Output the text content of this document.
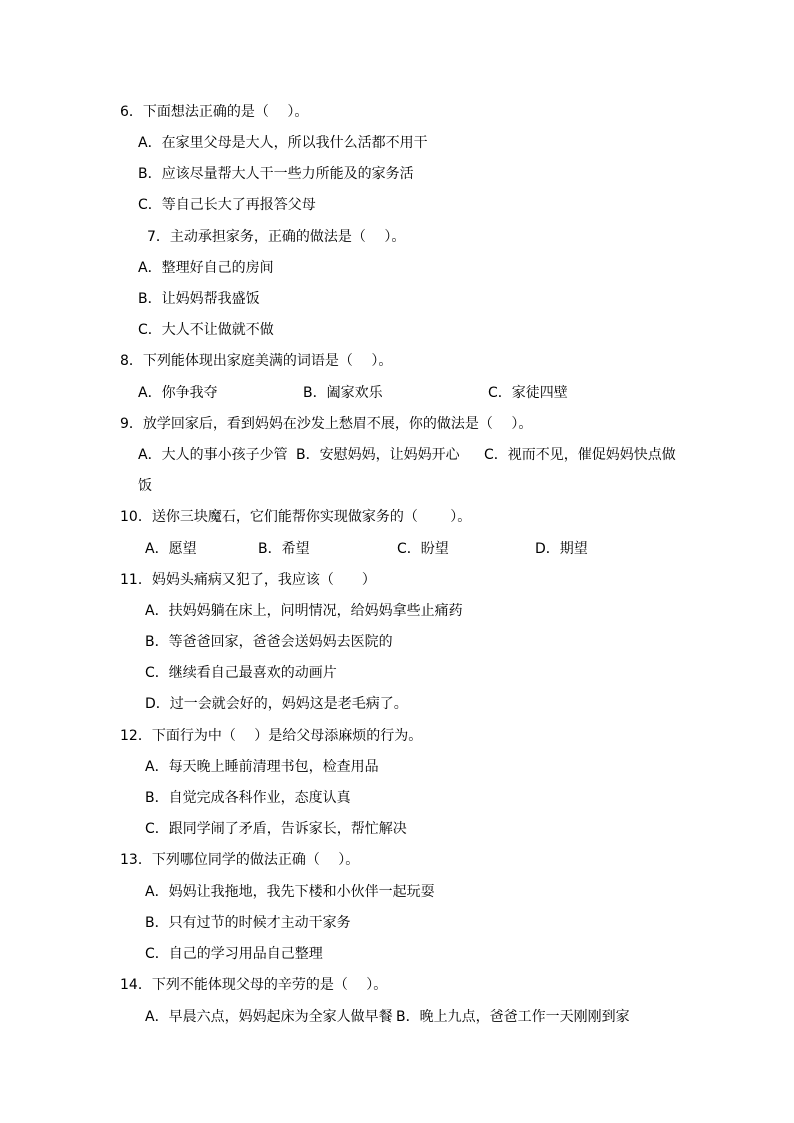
6．下面想法正确的是（　 ）。
A．在家里父母是大人，所以我什么活都不用干
B．应该尽量帮大人干一些力所能及的家务活
C．等自己长大了再报答父母
7．主动承担家务，正确的做法是（　 ）。
A．整理好自己的房间
B．让妈妈帮我盛饭
C．大人不让做就不做
8．下列能体现出家庭美满的词语是（　 ）。
A．你争我夺	B．阖家欢乐	C．家徒四壁
9．放学回家后，看到妈妈在沙发上愁眉不展，你的做法是（　 ）。
A．大人的事小孩子少管 B．安慰妈妈，让妈妈开心 C．视而不见，催促妈妈快点做
饭
10．送你三块魔石，它们能帮你实现做家务的（　　 ）。
A．愿望	B．希望	C．盼望	D．期望
11．妈妈头痛病又犯了，我应该（　　）
A．扶妈妈躺在床上，问明情况，给妈妈拿些止痛药
B．等爸爸回家，爸爸会送妈妈去医院的
C．继续看自己最喜欢的动画片
D．过一会就会好的，妈妈这是老毛病了。
12．下面行为中（　 ）是给父母添麻烦的行为。
A．每天晚上睡前清理书包，检查用品
B．自觉完成各科作业，态度认真
C．跟同学闹了矛盾，告诉家长，帮忙解决
13．下列哪位同学的做法正确（　 ）。
A．妈妈让我拖地，我先下楼和小伙伴一起玩耍
B．只有过节的时候才主动干家务
C．自己的学习用品自己整理
14．下列不能体现父母的辛劳的是（　 ）。
A．早晨六点，妈妈起床为全家人做早餐 B．晚上九点，爸爸工作一天刚刚到家
